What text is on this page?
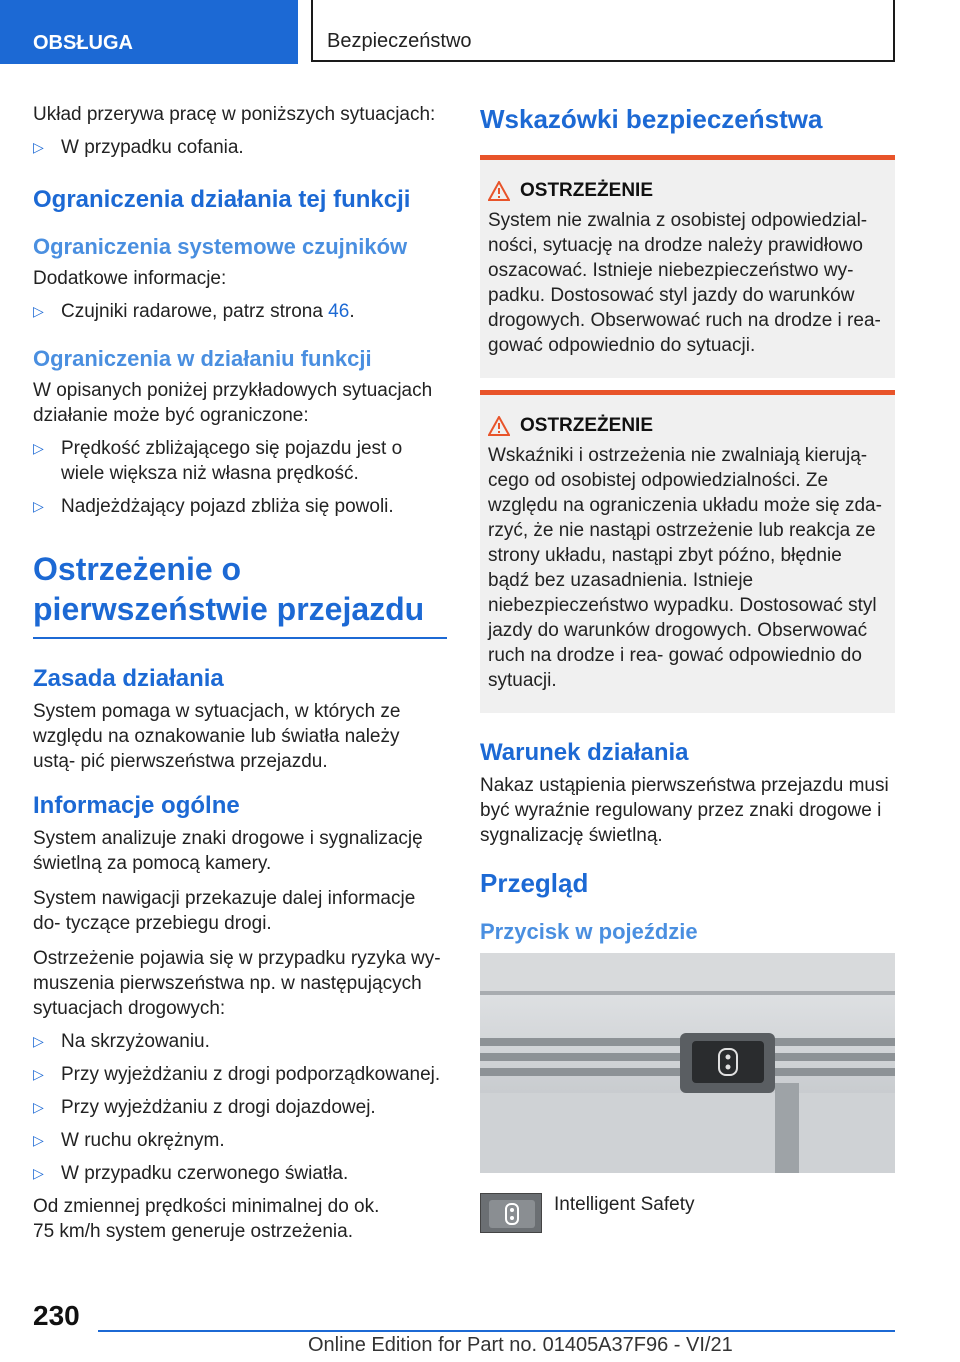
OBSŁUGA	Bezpieczeństwo

Układ przerywa pracę w poniższych sytuacjach:

▷ W przypadku cofania.

Ograniczenia działania tej funkcji
Ograniczenia systemowe czujników

Dodatkowe informacje:

▷ Czujniki radarowe, patrz strona 46.

Ograniczenia w działaniu funkcji

W opisanych poniżej przykładowych sytuacjach działanie może być ograniczone:

▷ Prędkość zbliżającego się pojazdu jest o wiele większa niż własna prędkość.

▷ Nadjeżdżający pojazd zbliża się powoli.

Ostrzeżenie o
pierwszeństwie przejazdu
Zasada działania

System pomaga w sytuacjach, w których ze względu na oznakowanie lub światła należy ustą- pić pierwszeństwa przejazdu.

Informacje ogólne

System analizuje znaki drogowe i sygnalizację świetlną za pomocą kamery.

System nawigacji przekazuje dalej informacje do- tyczące przebiegu drogi.

Ostrzeżenie pojawia się w przypadku ryzyka wy- muszenia pierwszeństwa np. w następujących sytuacjach drogowych:

▷ Na skrzyżowaniu.

▷ Przy wyjeżdżaniu z drogi podporządkowanej.

▷ Przy wyjeżdżaniu z drogi dojazdowej.

▷ W ruchu okrężnym.

▷ W przypadku czerwonego światła.

Od zmiennej prędkości minimalnej do ok.
75 km/h system generuje ostrzeżenia.

Wskazówki bezpieczeństwa
OSTRZEŻENIE

System nie zwalnia z osobistej odpowiedzial- ności, sytuację na drodze należy prawidłowo oszacować. Istnieje niebezpieczeństwo wy- padku. Dostosować styl jazdy do warunków drogowych. Obserwować ruch na drodze i rea- gować odpowiednio do sytuacji.

OSTRZEŻENIE

Wskaźniki i ostrzeżenia nie zwalniają kierują- cego od osobistej odpowiedzialności. Ze względu na ograniczenia układu może się zda- rzyć, że nie nastąpi ostrzeżenie lub reakcja ze strony układu, nastąpi zbyt późno, błędnie bądź bez uzasadnienia. Istnieje niebezpieczeństwo wypadku. Dostosować styl jazdy do warunków drogowych. Obserwować ruch na drodze i rea- gować odpowiednio do sytuacji.

Warunek działania

Nakaz ustąpienia pierwszeństwa przejazdu musi być wyraźnie regulowany przez znaki drogowe i sygnalizację świetlną.

Przegląd
Przycisk w pojeździe

Intelligent Safety

230
Online Edition for Part no. 01405A37F96 - VI/21
